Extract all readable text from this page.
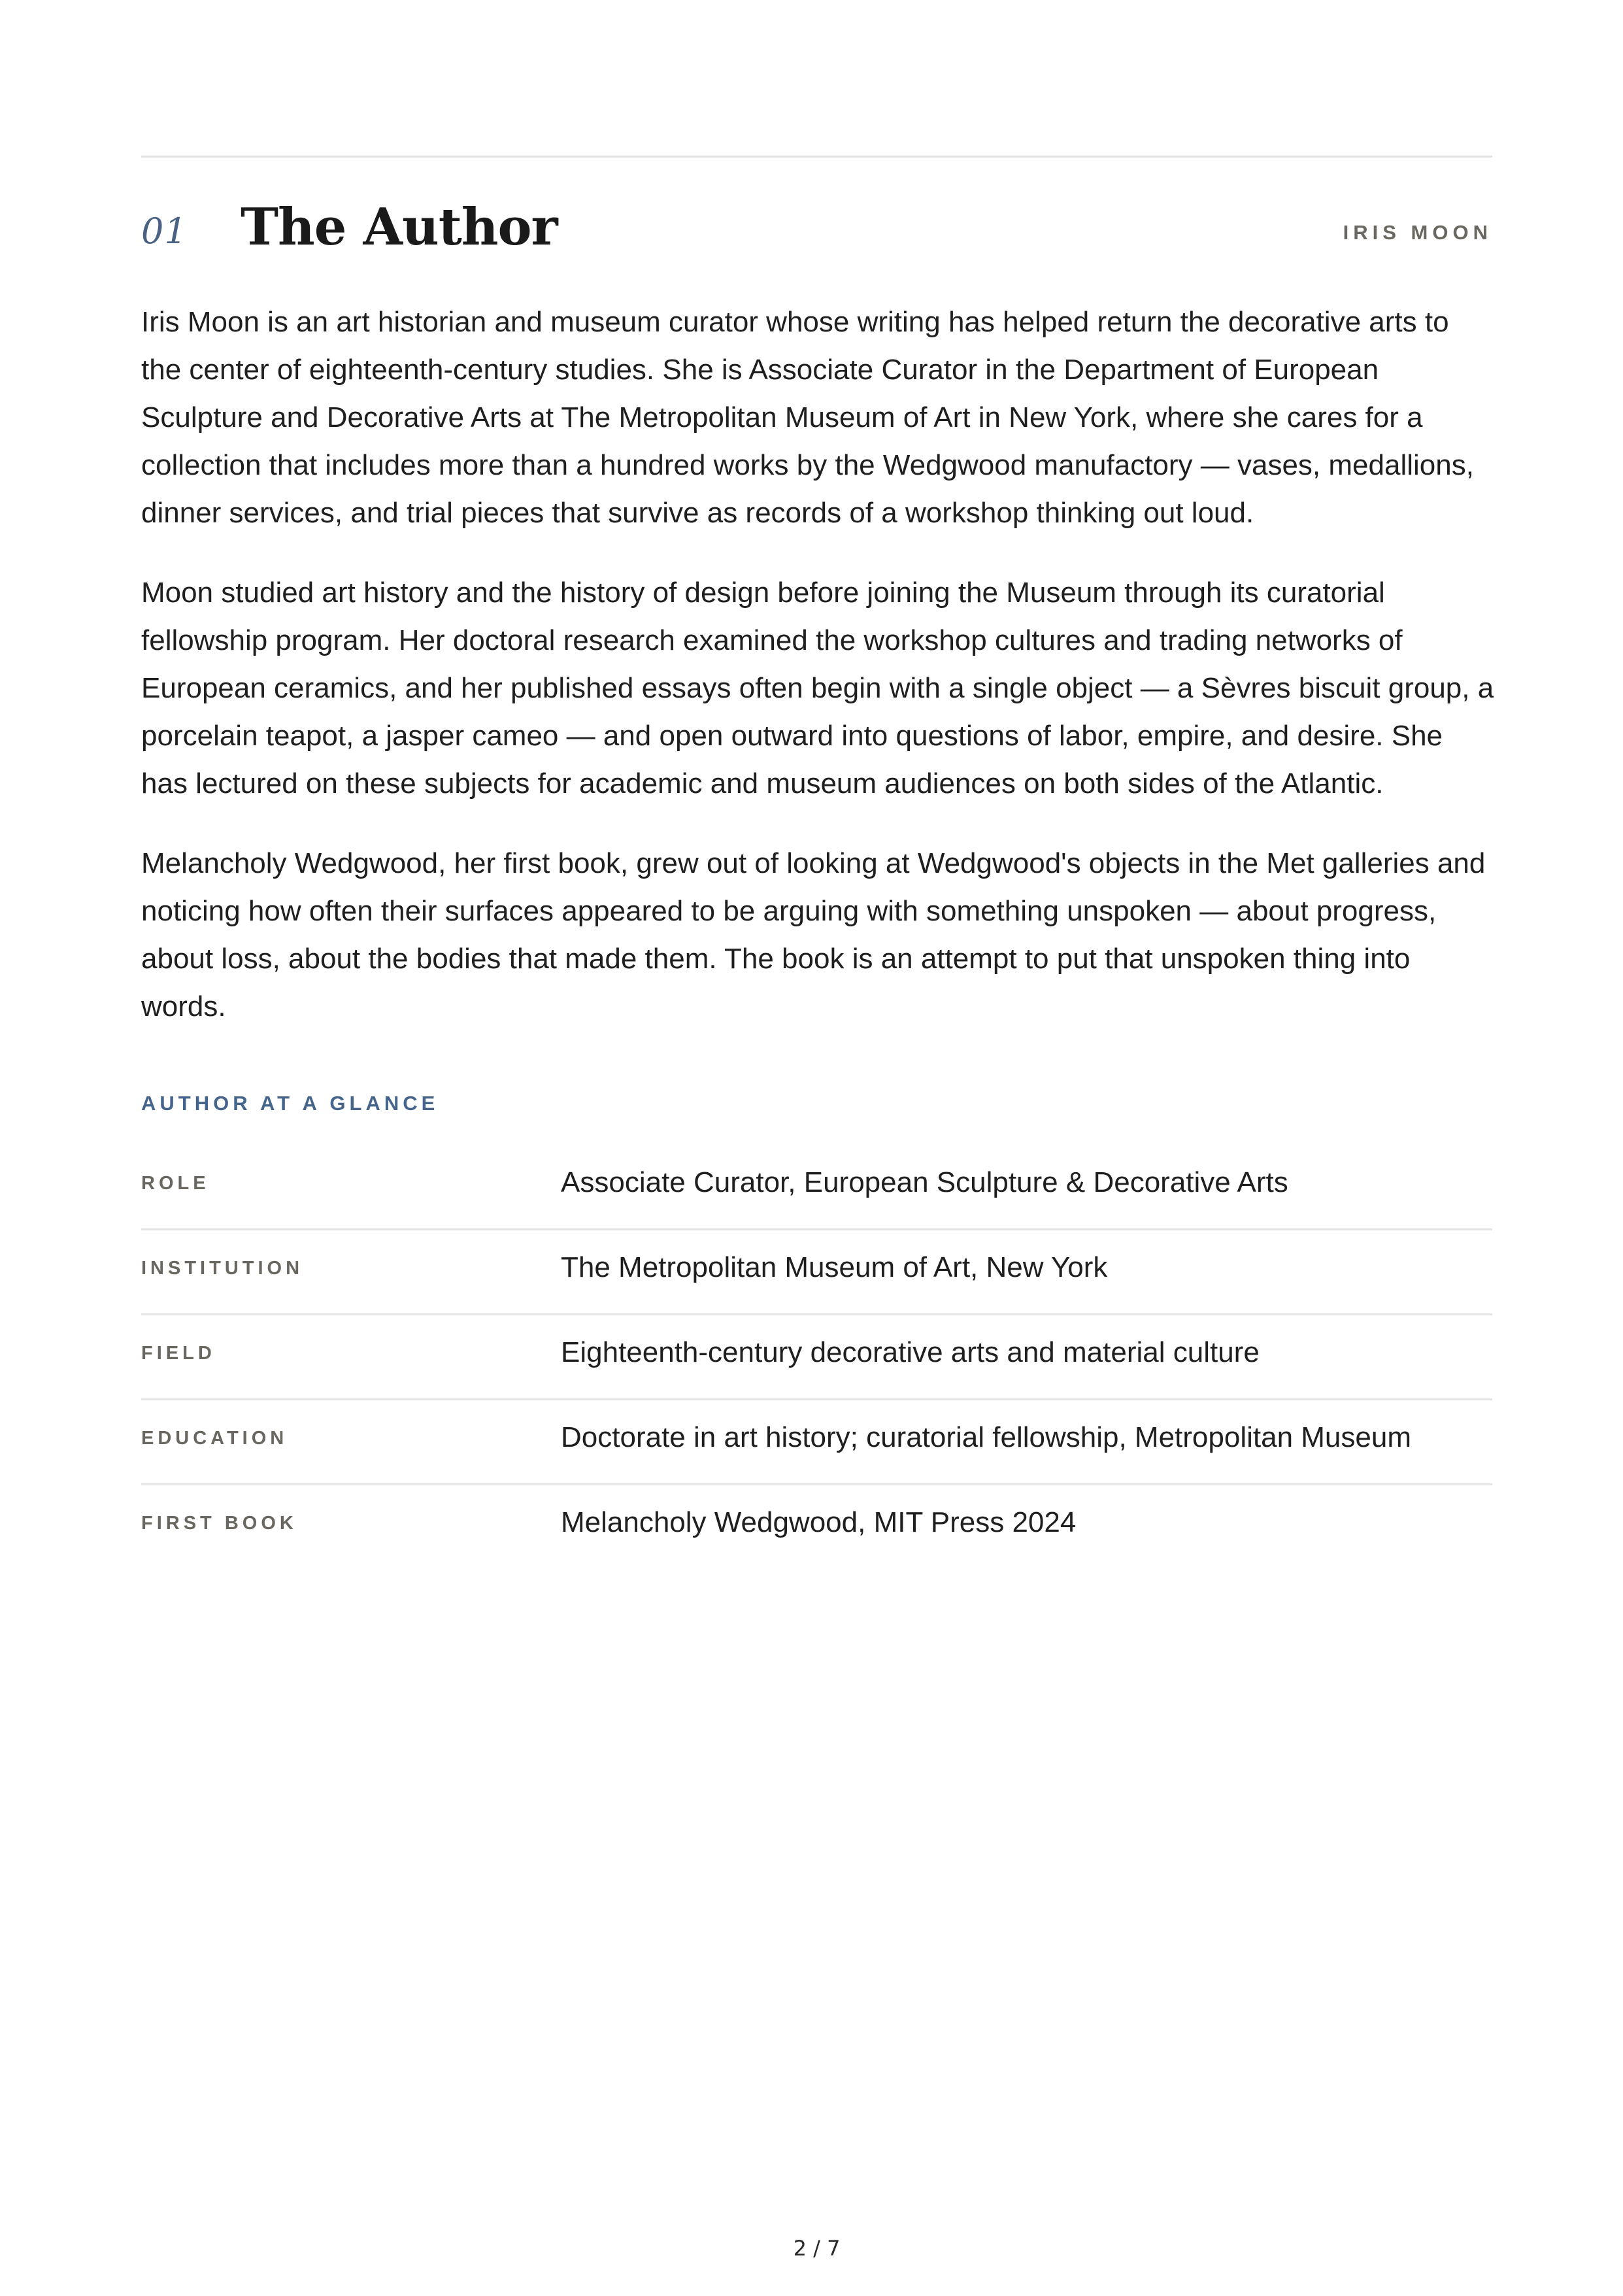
01 The Author	IRIS MOON

Iris Moon is an art historian and museum curator whose writing has helped return the decorative arts to the center of eighteenth-century studies. She is Associate Curator in the Department of European Sculpture and Decorative Arts at The Metropolitan Museum of Art in New York, where she cares for a collection that includes more than a hundred works by the Wedgwood manufactory — vases, medallions, dinner services, and trial pieces that survive as records of a workshop thinking out loud.

Moon studied art history and the history of design before joining the Museum through its curatorial fellowship program. Her doctoral research examined the workshop cultures and trading networks of European ceramics, and her published essays often begin with a single object — a Sèvres biscuit group, a porcelain teapot, a jasper cameo — and open outward into questions of labor, empire, and desire. She has lectured on these subjects for academic and museum audiences on both sides of the Atlantic.

Melancholy Wedgwood, her first book, grew out of looking at Wedgwood's objects in the Met galleries and noticing how often their surfaces appeared to be arguing with something unspoken — about progress, about loss, about the bodies that made them. The book is an attempt to put that unspoken thing into words.

AUTHOR AT A GLANCE
ROLE	Associate Curator, European Sculpture & Decorative Arts
INSTITUTION	The Metropolitan Museum of Art, New York
FIELD	Eighteenth-century decorative arts and material culture
EDUCATION	Doctorate in art history; curatorial fellowship, Metropolitan Museum
FIRST BOOK	Melancholy Wedgwood, MIT Press 2024
2 / 7
